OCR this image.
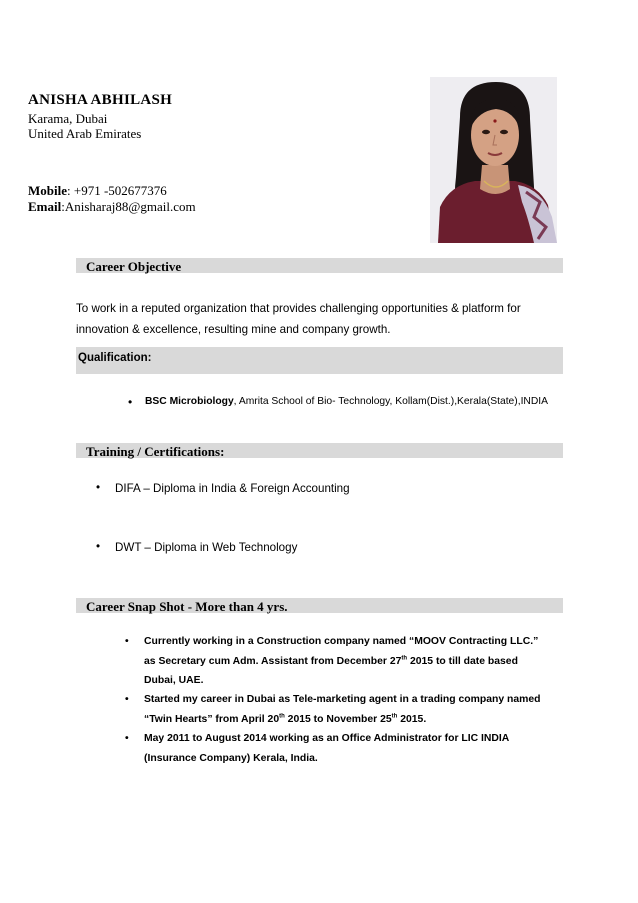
ANISHA ABHILASH
Karama, Dubai
United Arab Emirates
Mobile: +971 -502677376
Email:Anisharaj88@gmail.com
Career Objective
To work in a reputed organization that provides challenging opportunities & platform for
innovation & excellence, resulting mine and company growth.
Qualification:
• BSC Microbiology, Amrita School of Bio- Technology, Kollam(Dist.),Kerala(State),INDIA
Training / Certifications:
• DIFA – Diploma in India & Foreign Accounting
• DWT – Diploma in Web Technology
Career Snap Shot - More than 4 yrs.
• Currently working in a Construction company named “MOOV Contracting LLC.”
as Secretary cum Adm. Assistant from December 27th 2015 to till date based
Dubai, UAE.
• Started my career in Dubai as Tele-marketing agent in a trading company named
“Twin Hearts” from April 20th 2015 to November 25th 2015.
• May 2011 to August 2014 working as an Office Administrator for LIC INDIA
(Insurance Company) Kerala, India.
